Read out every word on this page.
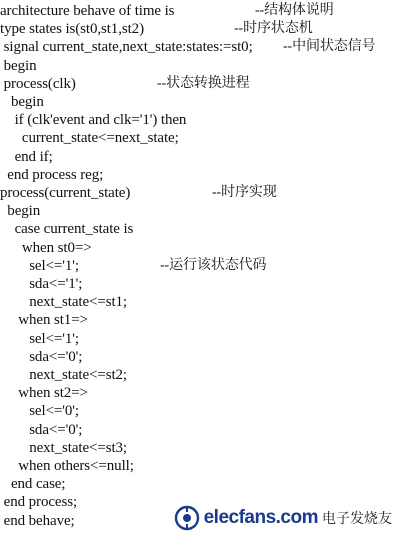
architecture behave of time is	--结构体说明
type states is(st0,st1,st2)	--时序状态机
signal current_state,next_state:states:=st0; --中间状态信号
begin
process(clk)	--状态转换进程
begin
if (clk'event and clk='1') then
current_state<=next_state;
end if;
end process reg;
process(current_state)	--时序实现
begin
case current_state is
when st0=>
sel<='1';	--运行该状态代码
sda<='1';
next_state<=st1;
when st1=>
sel<='1';
sda<='0';
next_state<=st2;
when st2=>
sel<='0';
sda<='0';
next_state<=st3;
when others<=null;
end case;
end process;
end behave;	elecfans.com 电子发烧友
